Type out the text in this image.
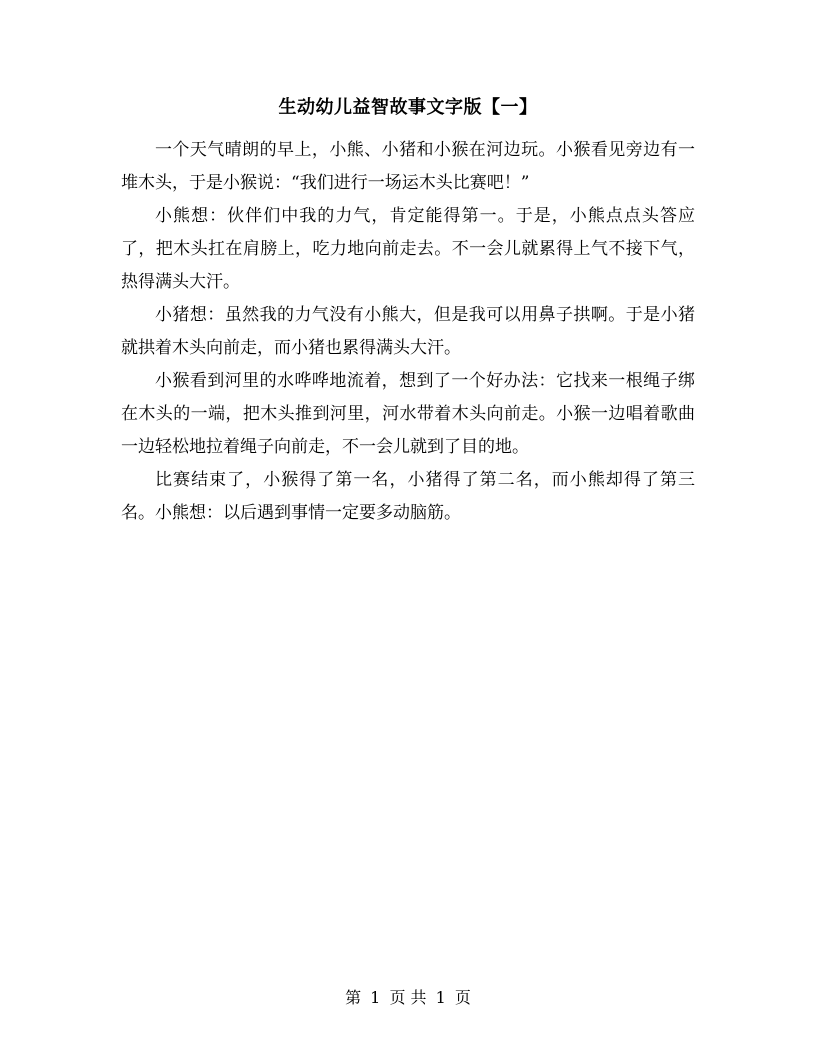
生动幼儿益智故事文字版【一】

一个天气晴朗的早上，小熊、小猪和小猴在河边玩。小猴看见旁边有一堆木头，于是小猴说：“我们进行一场运木头比赛吧！”

小熊想：伙伴们中我的力气，肯定能得第一。于是，小熊点点头答应了，把木头扛在肩膀上，吃力地向前走去。不一会儿就累得上气不接下气，热得满头大汗。

小猪想：虽然我的力气没有小熊大，但是我可以用鼻子拱啊。于是小猪就拱着木头向前走，而小猪也累得满头大汗。

小猴看到河里的水哗哗地流着，想到了一个好办法：它找来一根绳子绑在木头的一端，把木头推到河里，河水带着木头向前走。小猴一边唱着歌曲一边轻松地拉着绳子向前走，不一会儿就到了目的地。

比赛结束了，小猴得了第一名，小猪得了第二名，而小熊却得了第三名。小熊想：以后遇到事情一定要多动脑筋。

第 1 页 共 1 页
